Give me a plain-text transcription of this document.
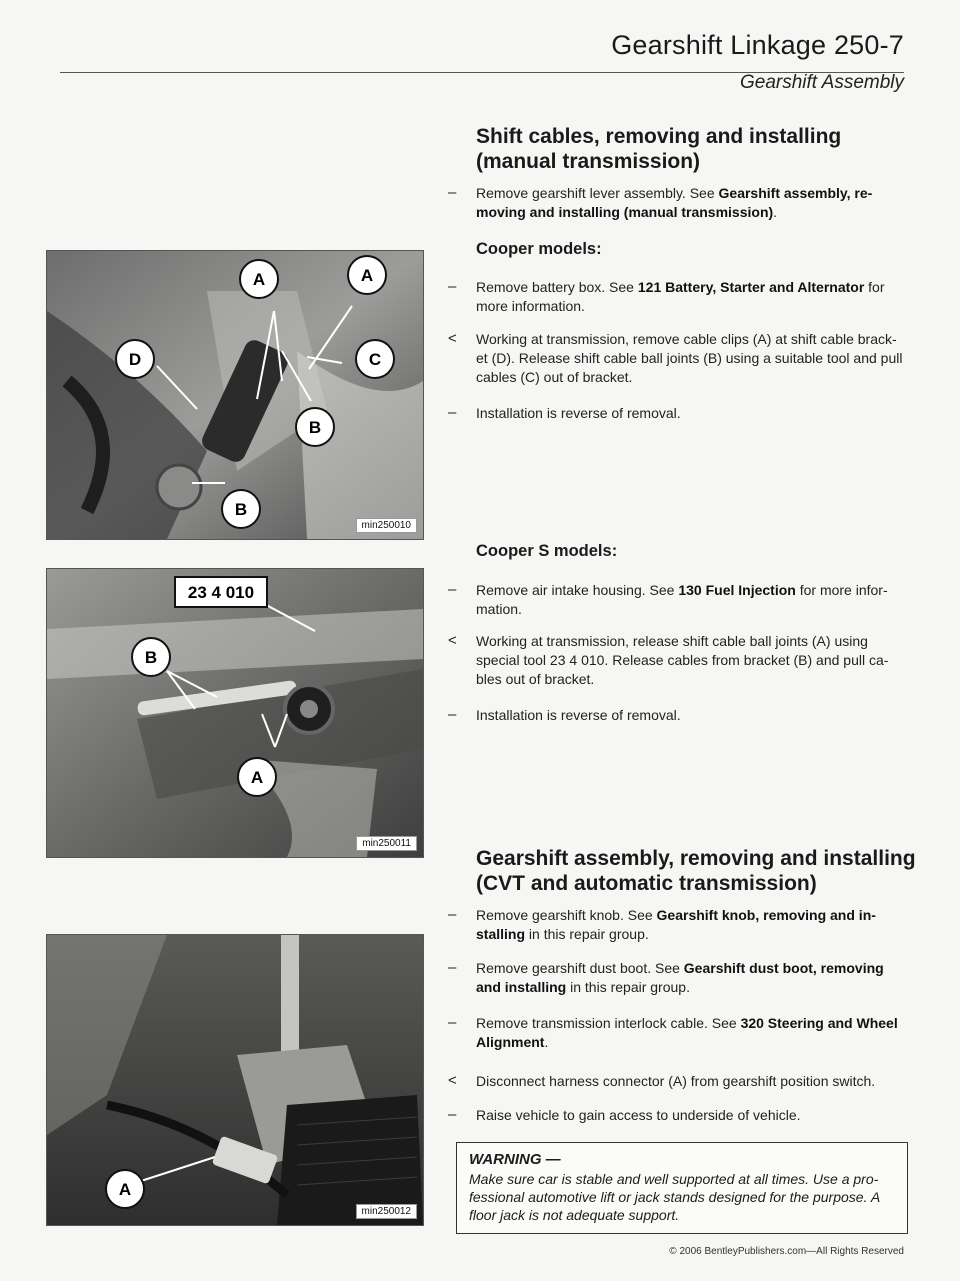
Gearshift Linkage 250-7
Gearshift Assembly
Shift cables, removing and installing
(manual transmission)
–	Remove gearshift lever assembly. See Gearshift assembly, re-moving and installing (manual transmission).
Cooper models:
–	Remove battery box. See 121 Battery, Starter and Alternator for more information.
<	Working at transmission, remove cable clips (A) at shift cable brack-et (D). Release shift cable ball joints (B) using a suitable tool and pull cables (C) out of bracket.
–	Installation is reverse of removal.
Cooper S models:
–	Remove air intake housing. See 130 Fuel Injection for more infor-mation.
<	Working at transmission, release shift cable ball joints (A) using special tool 23 4 010. Release cables from bracket (B) and pull ca-bles out of bracket.
–	Installation is reverse of removal.
Gearshift assembly, removing and installing
(CVT and automatic transmission)
–	Remove gearshift knob. See Gearshift knob, removing and in-stalling in this repair group.
–	Remove gearshift dust boot. See Gearshift dust boot, removing and installing in this repair group.
–	Remove transmission interlock cable. See 320 Steering and Wheel Alignment.
<	Disconnect harness connector (A) from gearshift position switch.
–	Raise vehicle to gain access to underside of vehicle.
WARNING —
Make sure car is stable and well supported at all times. Use a pro-fessional automotive lift or jack stands designed for the purpose. A floor jack is not adequate support.
A	A
C
D
B
B
min250010
23 4 010
B
A
min250011
A
min250012
© 2006 BentleyPublishers.com—All Rights Reserved
